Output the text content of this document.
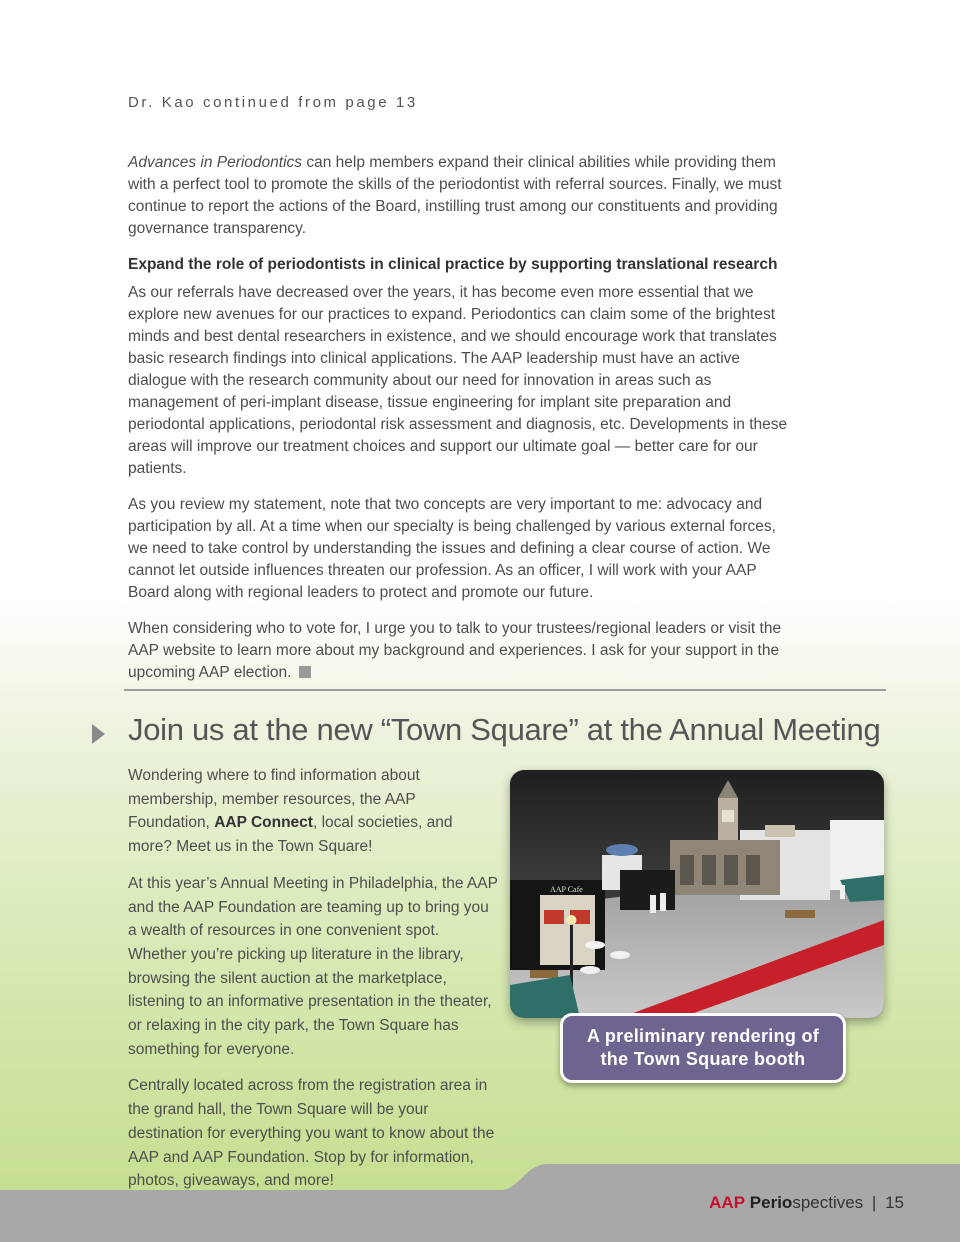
Dr. Kao continued from page 13

Advances in Periodontics can help members expand their clinical abilities while providing them with a perfect tool to promote the skills of the periodontist with referral sources. Finally, we must continue to report the actions of the Board, instilling trust among our constituents and providing governance transparency.

Expand the role of periodontists in clinical practice by supporting translational research

As our referrals have decreased over the years, it has become even more essential that we explore new avenues for our practices to expand. Periodontics can claim some of the brightest minds and best dental researchers in existence, and we should encourage work that translates basic research findings into clinical applications. The AAP leadership must have an active dialogue with the research community about our need for innovation in areas such as management of peri-implant disease, tissue engineering for implant site preparation and periodontal applications, periodontal risk assessment and diagnosis, etc. Developments in these areas will improve our treatment choices and support our ultimate goal — better care for our patients.

As you review my statement, note that two concepts are very important to me: advocacy and participation by all. At a time when our specialty is being challenged by various external forces, we need to take control by understanding the issues and defining a clear course of action. We cannot let outside influences threaten our profession. As an officer, I will work with your AAP Board along with regional leaders to protect and promote our future.

When considering who to vote for, I urge you to talk to your trustees/regional leaders or visit the AAP website to learn more about my background and experiences. I ask for your support in the upcoming AAP election.

Join us at the new “Town Square” at the Annual Meeting

Wondering where to find information about membership, member resources, the AAP Foundation, AAP Connect, local societies, and more? Meet us in the Town Square!

At this year’s Annual Meeting in Philadelphia, the AAP and the AAP Foundation are teaming up to bring you a wealth of resources in one convenient spot. Whether you’re picking up literature in the library, browsing the silent auction at the marketplace, listening to an informative presentation in the theater, or relaxing in the city park, the Town Square has something for everyone.

Centrally located across from the registration area in the grand hall, the Town Square will be your destination for everything you want to know about the AAP and AAP Foundation. Stop by for information, photos, giveaways, and more!

AAP Cafe
A preliminary rendering of the Town Square booth
AAP Periospectives | 15
